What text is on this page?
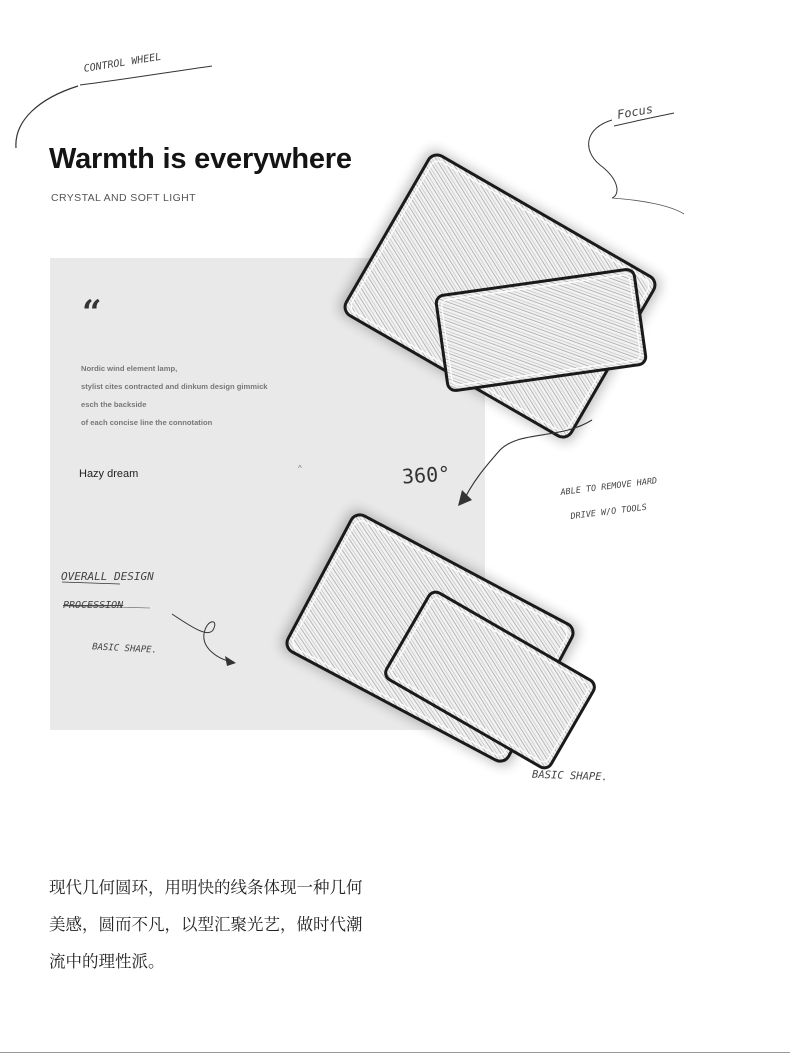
Warmth is everywhere
CRYSTAL AND SOFT LIGHT
“
Nordic wind element lamp,
stylist cites contracted and dinkum design gimmick
esch the backside
of each concise line the connotation
Hazy dream	^
CONTROL WHEEL
Focus
360°	ABLE TO REMOVE HARD
DRIVE W/O TOOLS
OVERALL DESIGN
PROCESSION
BASIC SHAPE.
BASIC SHAPE.
现代几何圆环，用明快的线条体现一种几何
美感，圆而不凡，以型汇聚光艺，做时代潮
流中的理性派。
